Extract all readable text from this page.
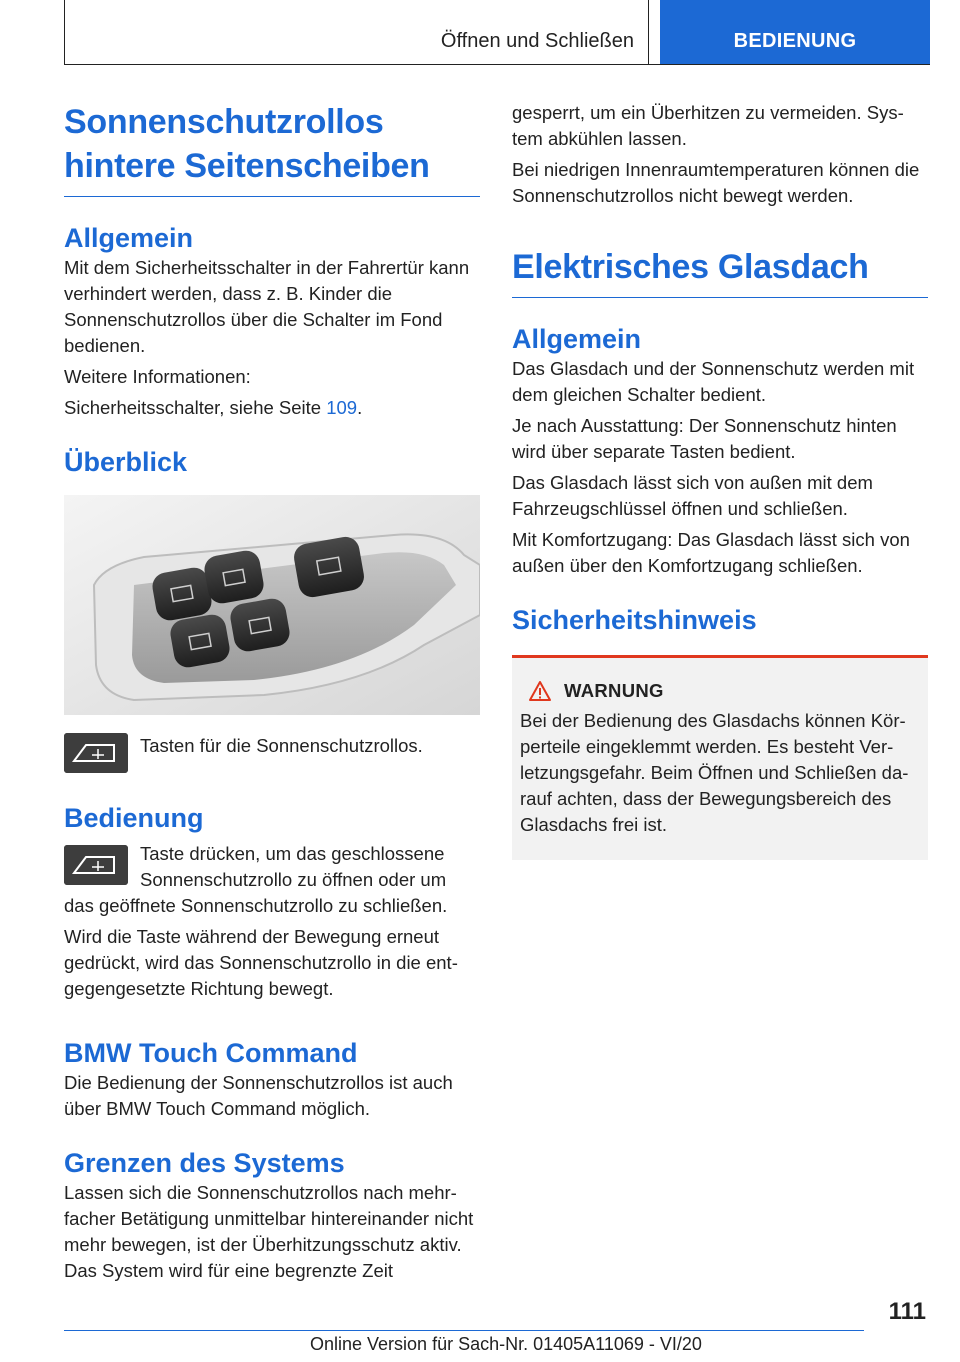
Öffnen und Schließen	BEDIENUNG
Sonnenschutzrollos hintere Seitenscheiben
Allgemein

Mit dem Sicherheitsschalter in der Fahrertür kann verhindert werden, dass z. B. Kinder die Sonnenschutzrollos über die Schalter im Fond bedienen.

Weitere Informationen:

Sicherheitsschalter, siehe Seite 109.

Überblick

Tasten für die Sonnenschutzrollos.

Bedienung

Taste drücken, um das geschlossene Sonnenschutzrollo zu öffnen oder um das geöffnete Sonnenschutzrollo zu schließen.

Wird die Taste während der Bewegung erneut gedrückt, wird das Sonnenschutzrollo in die ent-gegengesetzte Richtung bewegt.

BMW Touch Command

Die Bedienung der Sonnenschutzrollos ist auch über BMW Touch Command möglich.

Grenzen des Systems

Lassen sich die Sonnenschutzrollos nach mehr-facher Betätigung unmittelbar hintereinander nicht mehr bewegen, ist der Überhitzungsschutz aktiv. Das System wird für eine begrenzte Zeit

gesperrt, um ein Überhitzen zu vermeiden. Sys-tem abkühlen lassen.

Bei niedrigen Innenraumtemperaturen können die Sonnenschutzrollos nicht bewegt werden.

Elektrisches Glasdach
Allgemein

Das Glasdach und der Sonnenschutz werden mit dem gleichen Schalter bedient.

Je nach Ausstattung: Der Sonnenschutz hinten wird über separate Tasten bedient.

Das Glasdach lässt sich von außen mit dem Fahrzeugschlüssel öffnen und schließen.

Mit Komfortzugang: Das Glasdach lässt sich von außen über den Komfortzugang schließen.

Sicherheitshinweis
WARNUNG

Bei der Bedienung des Glasdachs können Kör-perteile eingeklemmt werden. Es besteht Ver-letzungsgefahr. Beim Öffnen und Schließen da-rauf achten, dass der Bewegungsbereich des Glasdachs frei ist.

111
Online Version für Sach-Nr. 01405A11069 - VI/20
